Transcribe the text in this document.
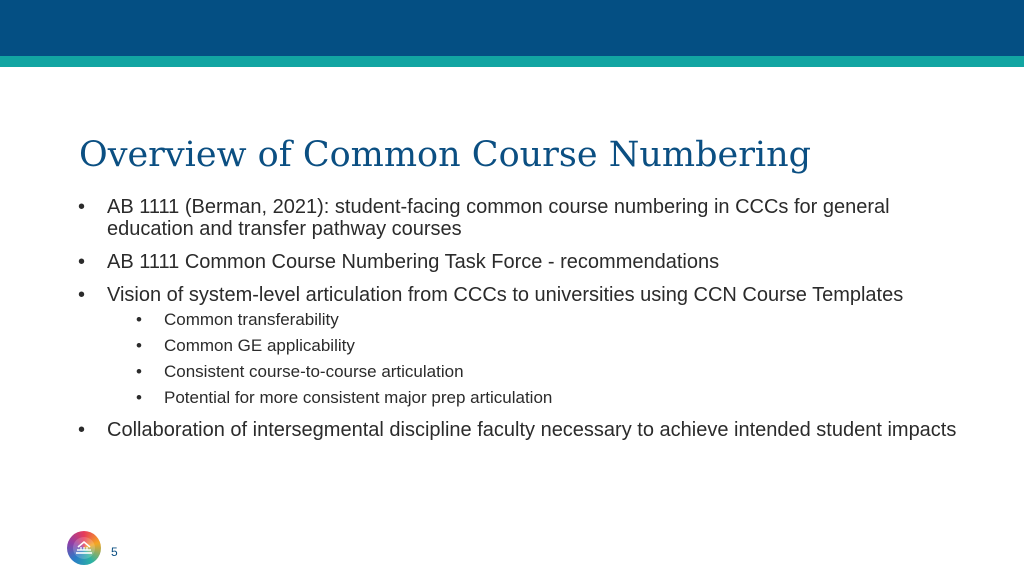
Overview of Common Course Numbering
• AB 1111 (Berman, 2021): student-facing common course numbering in CCCs for general education and transfer pathway courses
• AB 1111 Common Course Numbering Task Force - recommendations
• Vision of system-level articulation from CCCs to universities using CCN Course Templates
• Common transferability
• Common GE applicability
• Consistent course-to-course articulation
• Potential for more consistent major prep articulation
• Collaboration of intersegmental discipline faculty necessary to achieve intended student impacts
5
